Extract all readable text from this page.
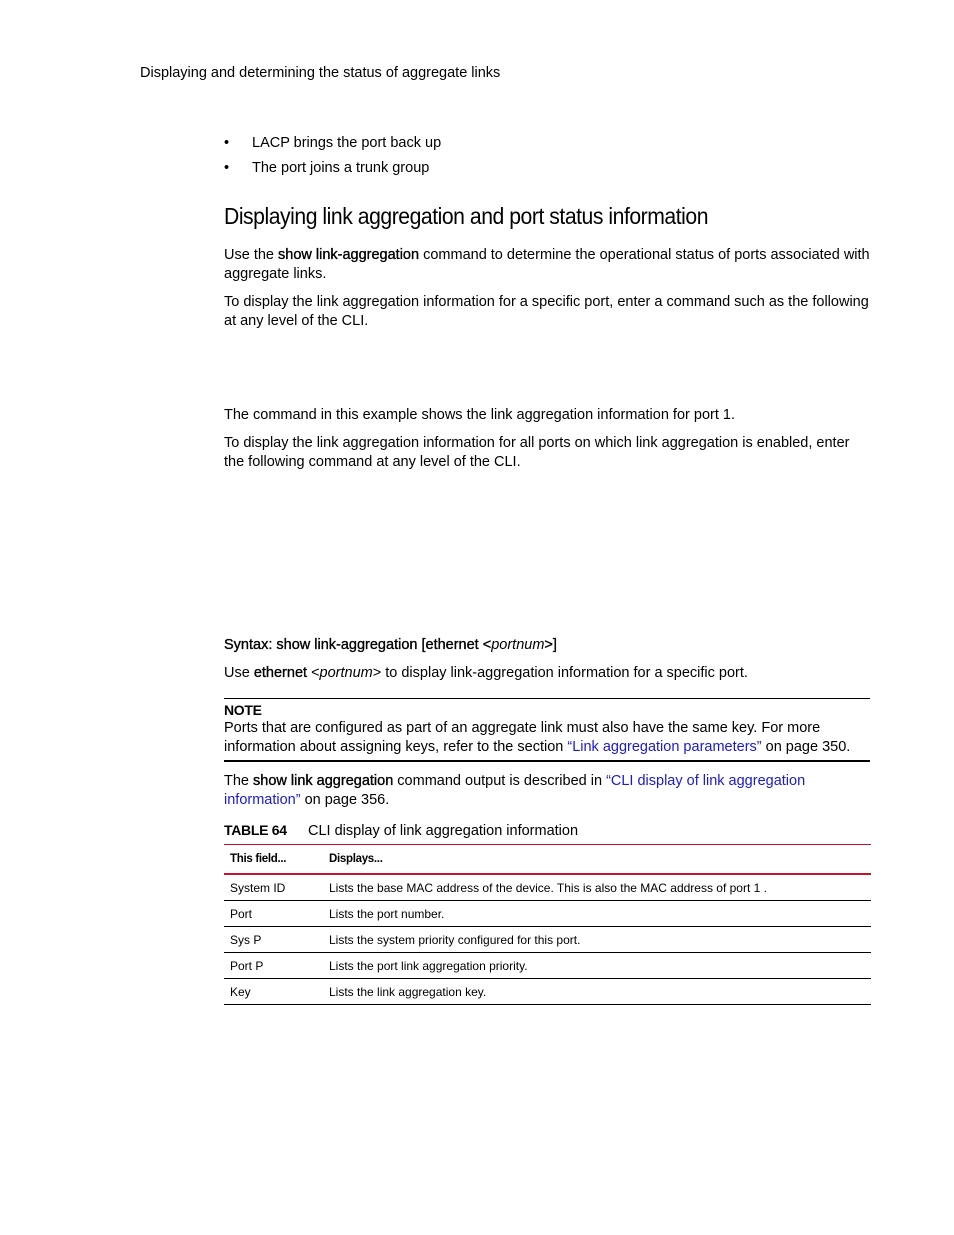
Displaying and determining the status of aggregate links
• LACP brings the port back up
• The port joins a trunk group
Displaying link aggregation and port status information
Use the show link-aggregation command to determine the operational status of ports associated with aggregate links.
To display the link aggregation information for a specific port, enter a command such as the following at any level of the CLI.
The command in this example shows the link aggregation information for port 1.
To display the link aggregation information for all ports on which link aggregation is enabled, enter the following command at any level of the CLI.
Syntax: show link-aggregation [ethernet <portnum>]
Use ethernet <portnum> to display link-aggregation information for a specific port.
NOTE
Ports that are configured as part of an aggregate link must also have the same key. For more information about assigning keys, refer to the section “Link aggregation parameters” on page 350.
The show link aggregation command output is described in “CLI display of link aggregation information” on page 356.
TABLE 64 CLI display of link aggregation information
This field...	Displays...
System ID	Lists the base MAC address of the device. This is also the MAC address of port 1 .
Port	Lists the port number.
Sys P	Lists the system priority configured for this port.
Port P	Lists the port link aggregation priority.
Key	Lists the link aggregation key.
